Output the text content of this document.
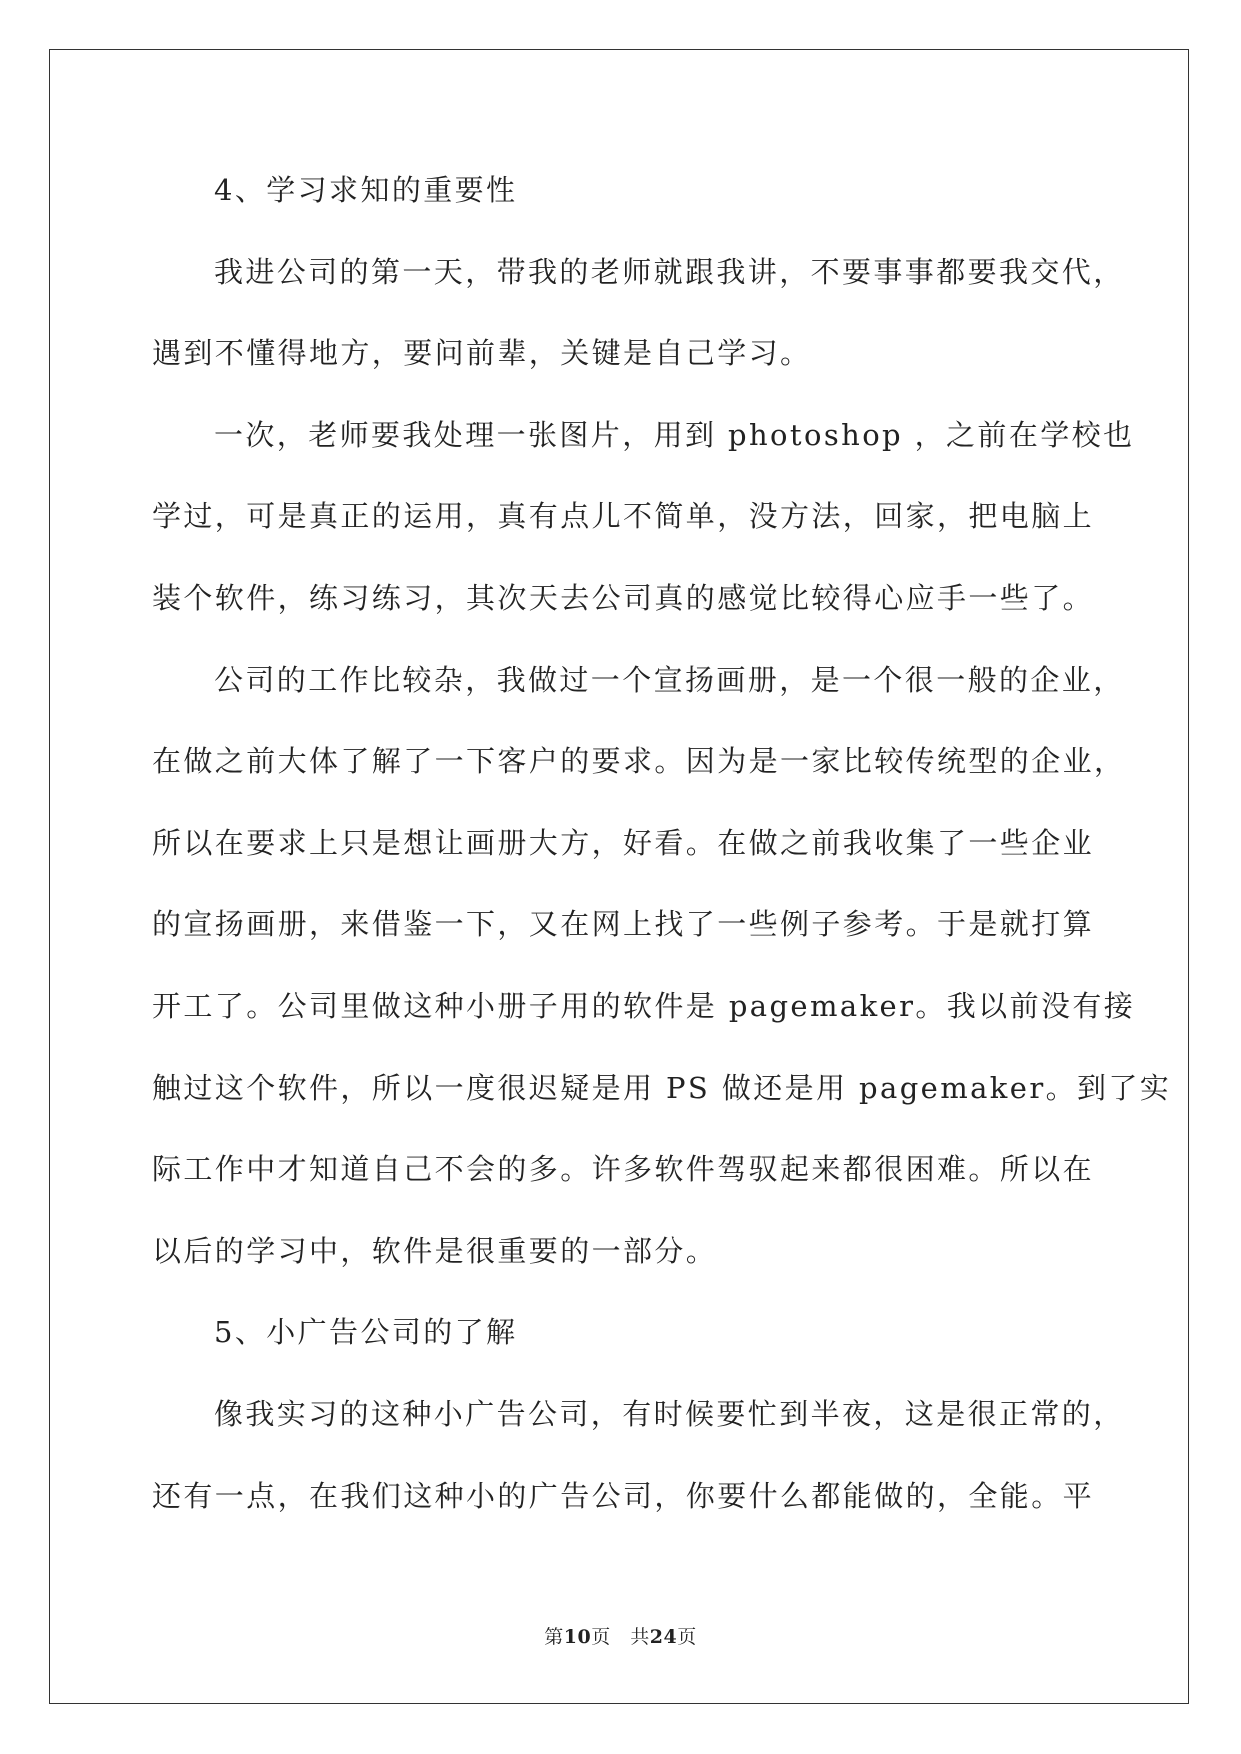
4、学习求知的重要性
我进公司的第一天，带我的老师就跟我讲，不要事事都要我交代，
遇到不懂得地方，要问前辈，关键是自己学习。
一次，老师要我处理一张图片，用到 photoshop ，之前在学校也
学过，可是真正的运用，真有点儿不简单，没方法，回家，把电脑上
装个软件，练习练习，其次天去公司真的感觉比较得心应手一些了。
公司的工作比较杂，我做过一个宣扬画册，是一个很一般的企业，
在做之前大体了解了一下客户的要求。因为是一家比较传统型的企业，
所以在要求上只是想让画册大方，好看。在做之前我收集了一些企业
的宣扬画册，来借鉴一下，又在网上找了一些例子参考。于是就打算
开工了。公司里做这种小册子用的软件是 pagemaker。我以前没有接
触过这个软件，所以一度很迟疑是用 PS 做还是用 pagemaker。到了实
际工作中才知道自己不会的多。许多软件驾驭起来都很困难。所以在
以后的学习中，软件是很重要的一部分。
5、小广告公司的了解
像我实习的这种小广告公司，有时候要忙到半夜，这是很正常的，
还有一点，在我们这种小的广告公司，你要什么都能做的，全能。平
第10页　共24页
